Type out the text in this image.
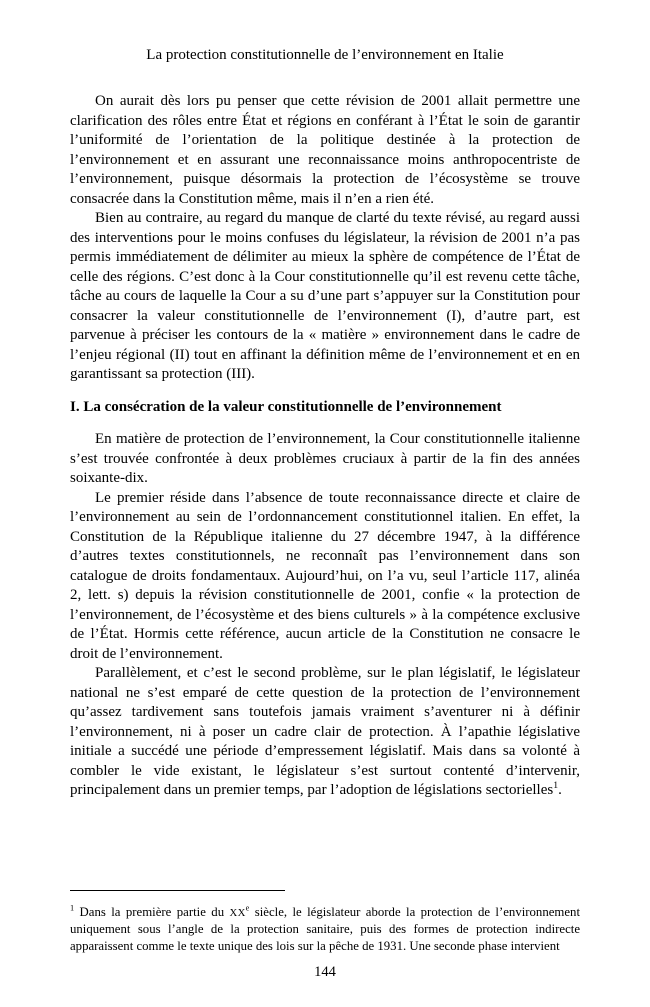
La protection constitutionnelle de l’environnement en Italie

On aurait dès lors pu penser que cette révision de 2001 allait permettre une clarification des rôles entre État et régions en conférant à l’État le soin de garantir l’uniformité de l’orientation de la politique destinée à la protection de l’environnement et en assurant une reconnaissance moins anthropocentriste de l’environnement, puisque désormais la protection de l’écosystème se trouve consacrée dans la Constitution même, mais il n’en a rien été.

Bien au contraire, au regard du manque de clarté du texte révisé, au regard aussi des interventions pour le moins confuses du législateur, la révision de 2001 n’a pas permis immédiatement de délimiter au mieux la sphère de compétence de l’État de celle des régions. C’est donc à la Cour constitutionnelle qu’il est revenu cette tâche, tâche au cours de laquelle la Cour a su d’une part s’appuyer sur la Constitution pour consacrer la valeur constitutionnelle de l’environnement (I), d’autre part, est parvenue à préciser les contours de la « matière » environnement dans le cadre de l’enjeu régional (II) tout en affinant la définition même de l’environnement et en en garantissant sa protection (III).

I. La consécration de la valeur constitutionnelle de l’environnement

En matière de protection de l’environnement, la Cour constitutionnelle italienne s’est trouvée confrontée à deux problèmes cruciaux à partir de la fin des années soixante-dix.

Le premier réside dans l’absence de toute reconnaissance directe et claire de l’environnement au sein de l’ordonnancement constitutionnel italien. En effet, la Constitution de la République italienne du 27 décembre 1947, à la différence d’autres textes constitutionnels, ne reconnaît pas l’environnement dans son catalogue de droits fondamentaux. Aujourd’hui, on l’a vu, seul l’article 117, alinéa 2, lett. s) depuis la révision constitutionnelle de 2001, confie « la protection de l’environnement, de l’écosystème et des biens culturels » à la compétence exclusive de l’État. Hormis cette référence, aucun article de la Constitution ne consacre le droit de l’environnement.

Parallèlement, et c’est le second problème, sur le plan législatif, le législateur national ne s’est emparé de cette question de la protection de l’environnement qu’assez tardivement sans toutefois jamais vraiment s’aventurer ni à définir l’environnement, ni à poser un cadre clair de protection. À l’apathie législative initiale a succédé une période d’empressement législatif. Mais dans sa volonté à combler le vide existant, le législateur s’est surtout contenté d’intervenir, principalement dans un premier temps, par l’adoption de législations sectorielles$^1$.

$^1$ Dans la première partie du XXe siècle, le législateur aborde la protection de l’environnement uniquement sous l’angle de la protection sanitaire, puis des formes de protection indirecte apparaissent comme le texte unique des lois sur la pêche de 1931. Une seconde phase intervient

144
